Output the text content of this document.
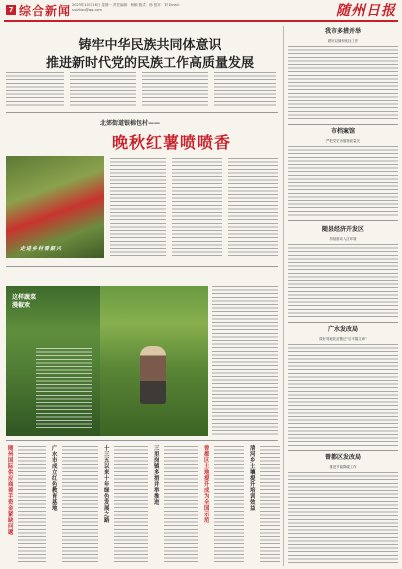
7 综合新闻 2023年10月16日 星期一 责任编辑：杨顺 版式：杨 校对：刘 Email：suizhou@qq.com	随州日报
铸牢中华民族共同体意识
推进新时代党的民族工作高质量发展
北郊街道银棉包村——
晚秋红薯喷喷香
走进乡村看振兴
这样蔬菜
漫椒欢
随州国际供应商着手资金紧缺问题
广水市成立红色教育基地
十三五以来十年绿色发展之路
三里岗镇多措并举推进
曾都区土地提升成为全国示范
清河乡土壤提升培训效益
我市多措并举
做好双拥和优抚工作
市档案馆
严把党史出版物质量关
随县经济开发区
持续推动入区环境
广水发改局
做好易地扶贫搬迁“后半篇文章”
曾都区发改局
推进节能降碳工作
